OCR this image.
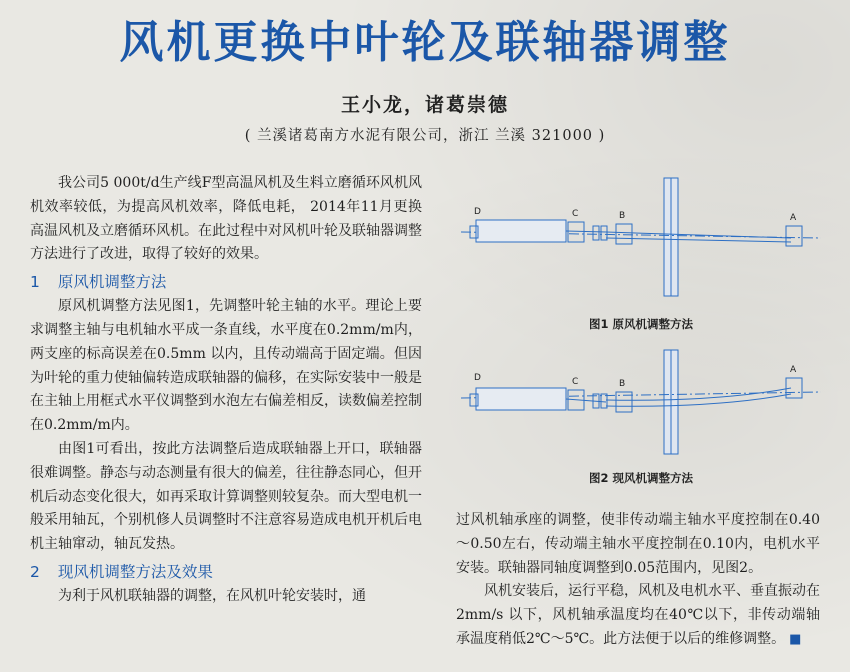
风机更换中叶轮及联轴器调整
王小龙，诸葛崇德
( 兰溪诸葛南方水泥有限公司，浙江 兰溪 321000 )

我公司5 000t/d生产线F型高温风机及生料立磨循环风机风机效率较低，为提高风机效率，降低电耗， 2014年11月更换高温风机及立磨循环风机。在此过程中对风机叶轮及联轴器调整方法进行了改进，取得了较好的效果。

1 原风机调整方法

原风机调整方法见图1，先调整叶轮主轴的水平。理论上要求调整主轴与电机轴水平成一条直线，水平度在0.2mm/m内，两支座的标高误差在0.5mm 以内，且传动端高于固定端。但因为叶轮的重力使轴偏转造成联轴器的偏移，在实际安装中一般是在主轴上用框式水平仪调整到水泡左右偏差相反，读数偏差控制在0.2mm/m内。

由图1可看出，按此方法调整后造成联轴器上开口，联轴器很难调整。静态与动态测量有很大的偏差，往往静态同心，但开机后动态变化很大，如再采取计算调整则较复杂。而大型电机一般采用轴瓦，个别机修人员调整时不注意容易造成电机开机后电机主轴窜动，轴瓦发热。

2 现风机调整方法及效果

为利于风机联轴器的调整，在风机叶轮安装时，通

D	C	B	A
图1 原风机调整方法
D	C	B
A
图2 现风机调整方法

过风机轴承座的调整，使非传动端主轴水平度控制在0.40～0.50左右，传动端主轴水平度控制在0.10内，电机水平安装。联轴器同轴度调整到0.05范围内，见图2。

风机安装后，运行平稳，风机及电机水平、垂直振动在2mm/s 以下，风机轴承温度均在40℃以下，非传动端轴承温度稍低2℃～5℃。此方法便于以后的维修调整。 ■
